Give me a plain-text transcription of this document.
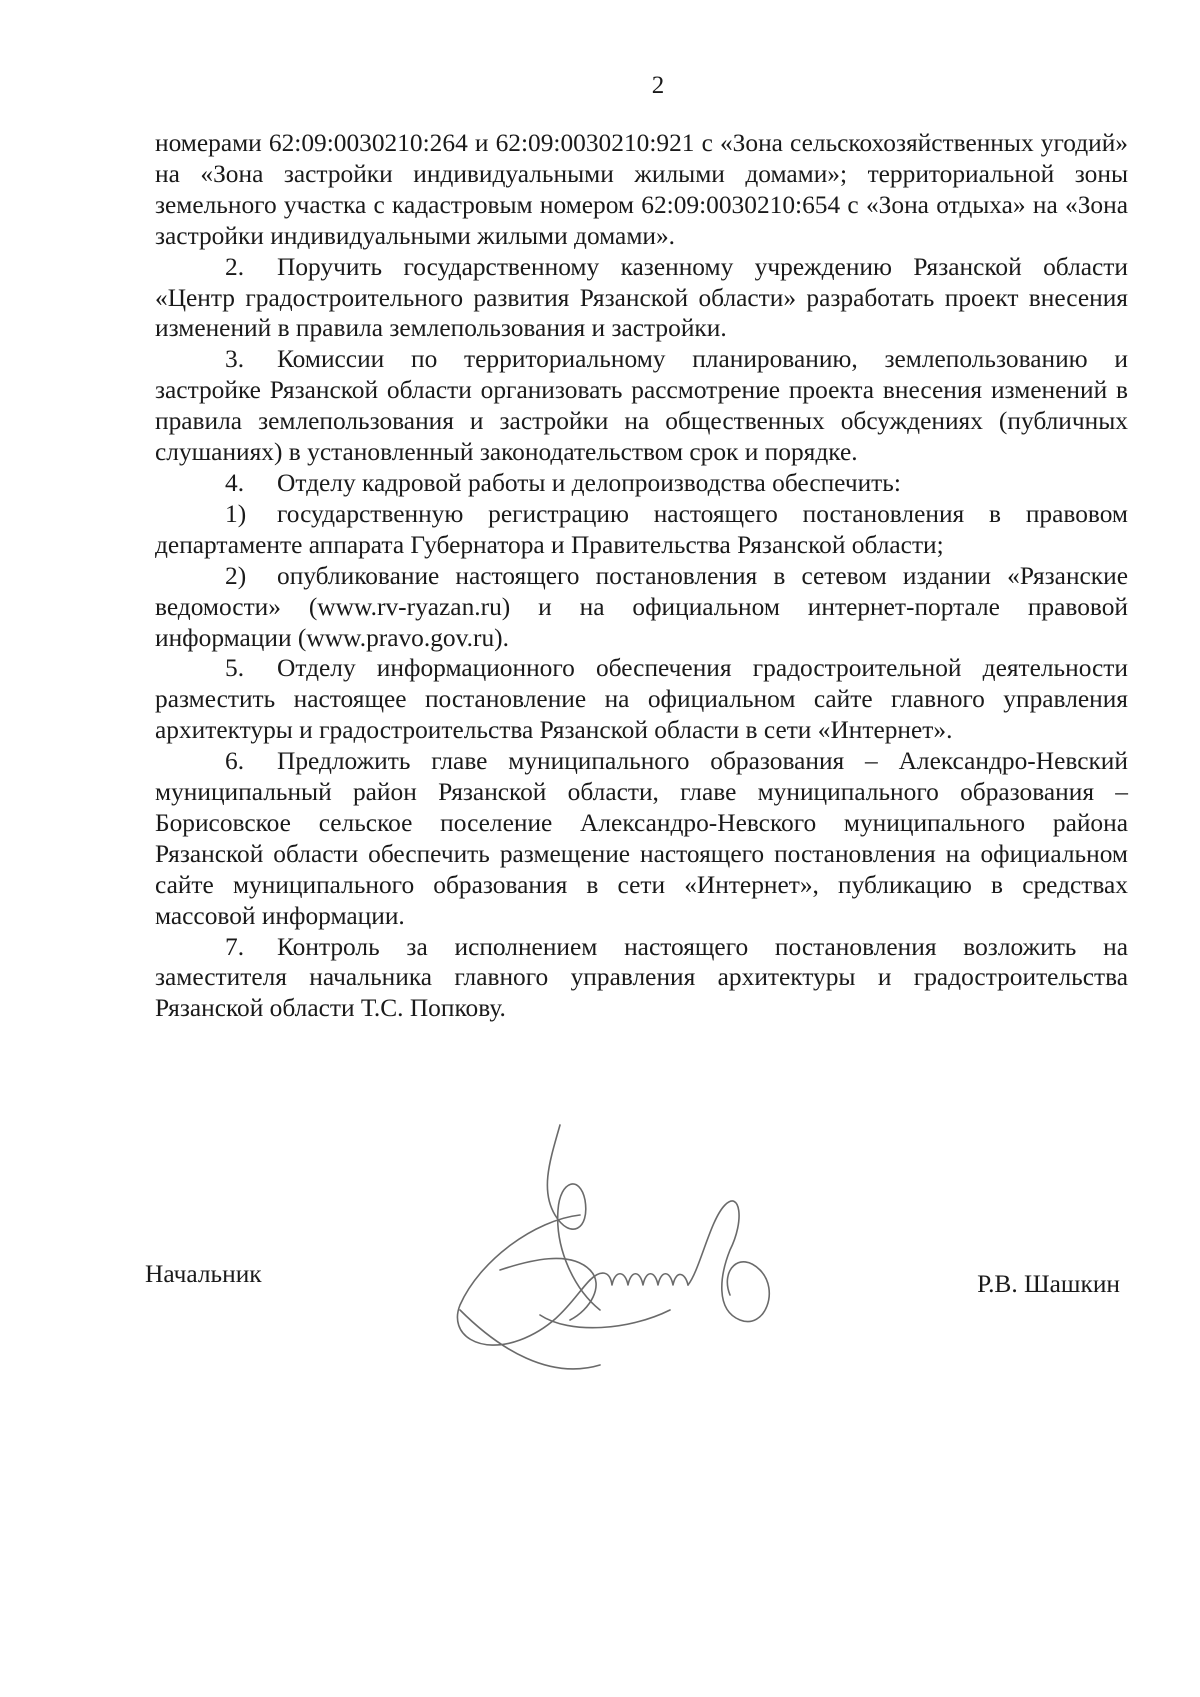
2

номерами 62:09:0030210:264 и 62:09:0030210:921 с «Зона сельскохозяйственных угодий» на «Зона застройки индивидуальными жилыми домами»; территориальной зоны земельного участка с кадастровым номером 62:09:0030210:654 с «Зона отдыха» на «Зона застройки индивидуальными жилыми домами».

2. Поручить государственному казенному учреждению Рязанской области «Центр градостроительного развития Рязанской области» разработать проект внесения изменений в правила землепользования и застройки.

3. Комиссии по территориальному планированию, землепользованию и застройке Рязанской области организовать рассмотрение проекта внесения изменений в правила землепользования и застройки на общественных обсуждениях (публичных слушаниях) в установленный законодательством срок и порядке.

4. Отделу кадровой работы и делопроизводства обеспечить:

1) государственную регистрацию настоящего постановления в правовом департаменте аппарата Губернатора и Правительства Рязанской области;

2) опубликование настоящего постановления в сетевом издании «Рязанские ведомости» (www.rv-ryazan.ru) и на официальном интернет-портале правовой информации (www.pravo.gov.ru).

5. Отделу информационного обеспечения градостроительной деятельности разместить настоящее постановление на официальном сайте главного управления архитектуры и градостроительства Рязанской области в сети «Интернет».

6. Предложить главе муниципального образования – Александро-Невский муниципальный район Рязанской области, главе муниципального образования – Борисовское сельское поселение Александро-Невского муниципального района Рязанской области обеспечить размещение настоящего постановления на официальном сайте муниципального образования в сети «Интернет», публикацию в средствах массовой информации.

7. Контроль за исполнением настоящего постановления возложить на заместителя начальника главного управления архитектуры и градостроительства Рязанской области Т.С. Попкову.

Начальник	Р.В. Шашкин
